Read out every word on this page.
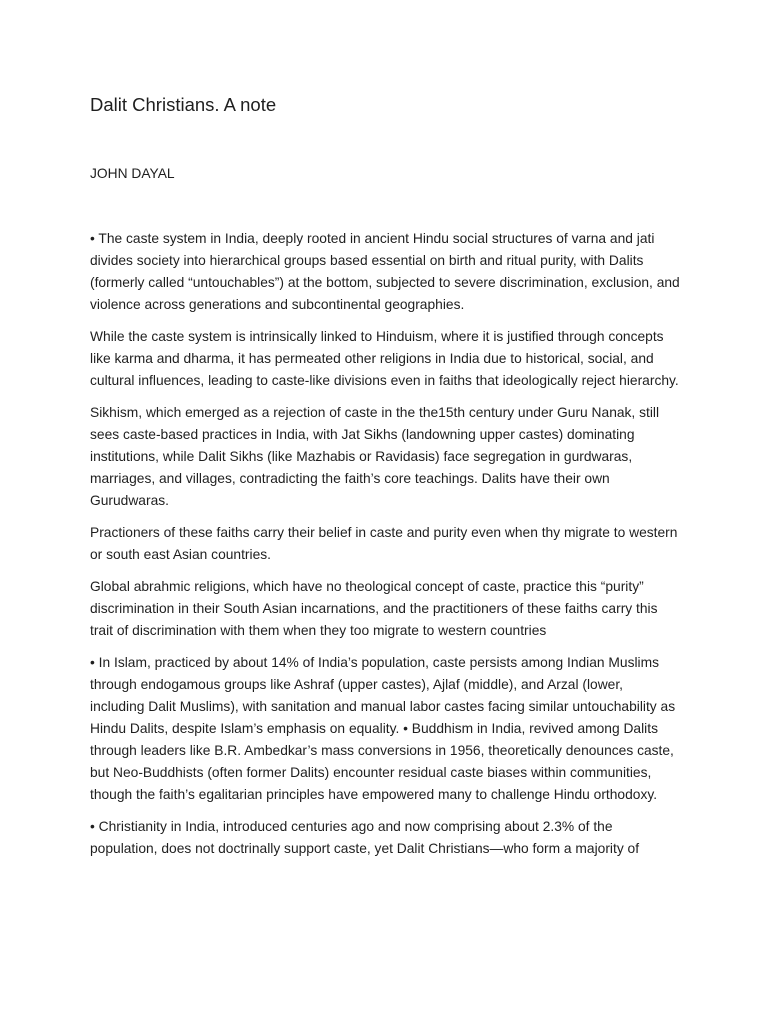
Dalit Christians. A note
JOHN DAYAL

• The caste system in India, deeply rooted in ancient Hindu social structures of varna and jati divides society into hierarchical groups based essential on birth and ritual purity, with Dalits (formerly called “untouchables”) at the bottom, subjected to severe discrimination, exclusion, and violence across generations and subcontinental geographies.

While the caste system is intrinsically linked to Hinduism, where it is justified through concepts like karma and dharma, it has permeated other religions in India due to historical, social, and cultural influences, leading to caste-like divisions even in faiths that ideologically reject hierarchy.

Sikhism, which emerged as a rejection of caste in the the15th century under Guru Nanak, still sees caste-based practices in India, with Jat Sikhs (landowning upper castes) dominating institutions, while Dalit Sikhs (like Mazhabis or Ravidasis) face segregation in gurdwaras, marriages, and villages, contradicting the faith’s core teachings. Dalits have their own Gurudwaras.

Practioners of these faiths carry their belief in caste and purity even when thy migrate to western or south east Asian countries.

Global abrahmic religions, which have no theological concept of caste, practice this “purity” discrimination in their South Asian incarnations, and the practitioners of these faiths carry this trait of discrimination with them when they too migrate to western countries

• In Islam, practiced by about 14% of India’s population, caste persists among Indian Muslims through endogamous groups like Ashraf (upper castes), Ajlaf (middle), and Arzal (lower, including Dalit Muslims), with sanitation and manual labor castes facing similar untouchability as Hindu Dalits, despite Islam’s emphasis on equality. • Buddhism in India, revived among Dalits through leaders like B.R. Ambedkar’s mass conversions in 1956, theoretically denounces caste, but Neo-Buddhists (often former Dalits) encounter residual caste biases within communities, though the faith’s egalitarian principles have empowered many to challenge Hindu orthodoxy.

• Christianity in India, introduced centuries ago and now comprising about 2.3% of the population, does not doctrinally support caste, yet Dalit Christians—who form a majority of
